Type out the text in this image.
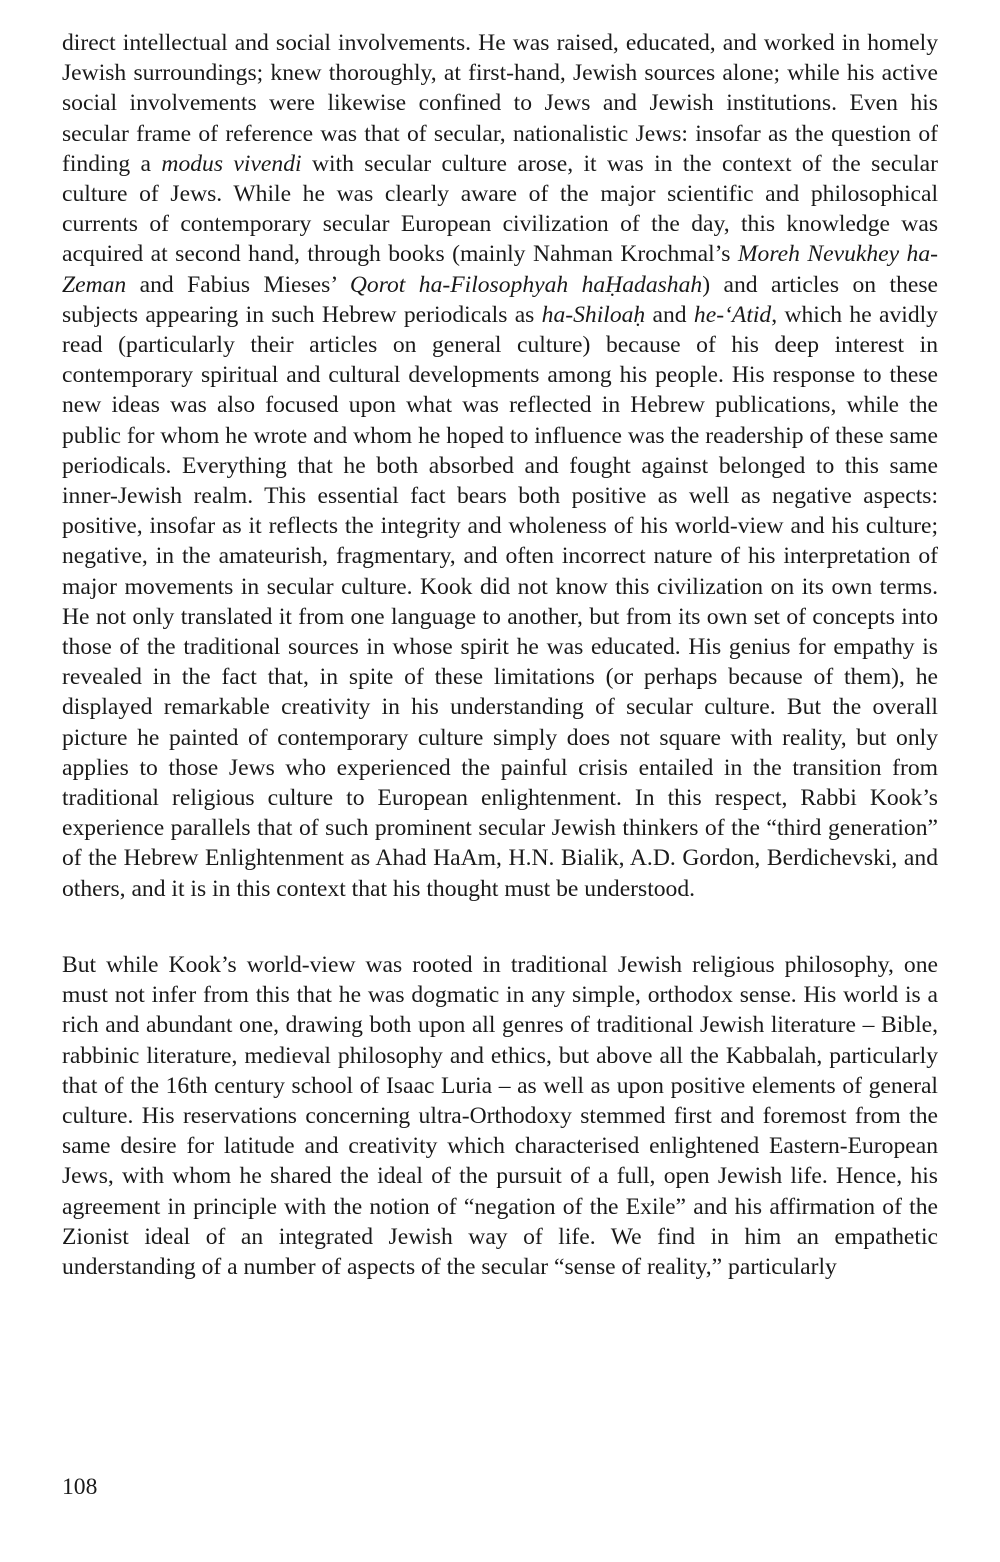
direct intellectual and social involvements. He was raised, educated, and worked in homely Jewish surroundings; knew thoroughly, at first-hand, Jewish sources alone; while his active social involvements were likewise confined to Jews and Jewish institutions. Even his secular frame of reference was that of secular, nationalistic Jews: insofar as the question of finding a modus vivendi with secular culture arose, it was in the context of the secular culture of Jews. While he was clearly aware of the major scientific and philosophical currents of contemporary secular European civilization of the day, this knowledge was acquired at second hand, through books (mainly Nahman Krochmal’s Moreh Nevukhey ha-Zeman and Fabius Mieses’ Qorot ha-Filosophyah haḤadashah) and articles on these subjects appearing in such Hebrew periodicals as ha-Shiloaḥ and he-‘Atid, which he avidly read (particularly their articles on general culture) because of his deep interest in contemporary spiritual and cultural developments among his people. His response to these new ideas was also focused upon what was reflected in Hebrew publications, while the public for whom he wrote and whom he hoped to influence was the readership of these same periodicals. Everything that he both absorbed and fought against belonged to this same inner-Jewish realm. This essential fact bears both positive as well as negative aspects: positive, insofar as it reflects the integrity and wholeness of his world-view and his culture; negative, in the amateurish, fragmentary, and often incorrect nature of his interpretation of major movements in secular culture. Kook did not know this civilization on its own terms. He not only translated it from one language to another, but from its own set of concepts into those of the traditional sources in whose spirit he was educated. His genius for empathy is revealed in the fact that, in spite of these limitations (or perhaps because of them), he displayed remarkable creativity in his understanding of secular culture. But the overall picture he painted of contemporary culture simply does not square with reality, but only applies to those Jews who experienced the painful crisis entailed in the transition from traditional religious culture to European enlightenment. In this respect, Rabbi Kook’s experience parallels that of such prominent secular Jewish thinkers of the “third generation” of the Hebrew Enlightenment as Ahad HaAm, H.N. Bialik, A.D. Gordon, Berdichevski, and others, and it is in this context that his thought must be understood.

But while Kook’s world-view was rooted in traditional Jewish religious philosophy, one must not infer from this that he was dogmatic in any simple, orthodox sense. His world is a rich and abundant one, drawing both upon all genres of traditional Jewish literature – Bible, rabbinic literature, medieval philosophy and ethics, but above all the Kabbalah, particularly that of the 16th century school of Isaac Luria – as well as upon positive elements of general culture. His reservations concerning ultra-Orthodoxy stemmed first and foremost from the same desire for latitude and creativity which characterised enlightened Eastern-European Jews, with whom he shared the ideal of the pursuit of a full, open Jewish life. Hence, his agreement in principle with the notion of “negation of the Exile” and his affirmation of the Zionist ideal of an integrated Jewish way of life. We find in him an empathetic understanding of a number of aspects of the secular “sense of reality,” particularly

108
